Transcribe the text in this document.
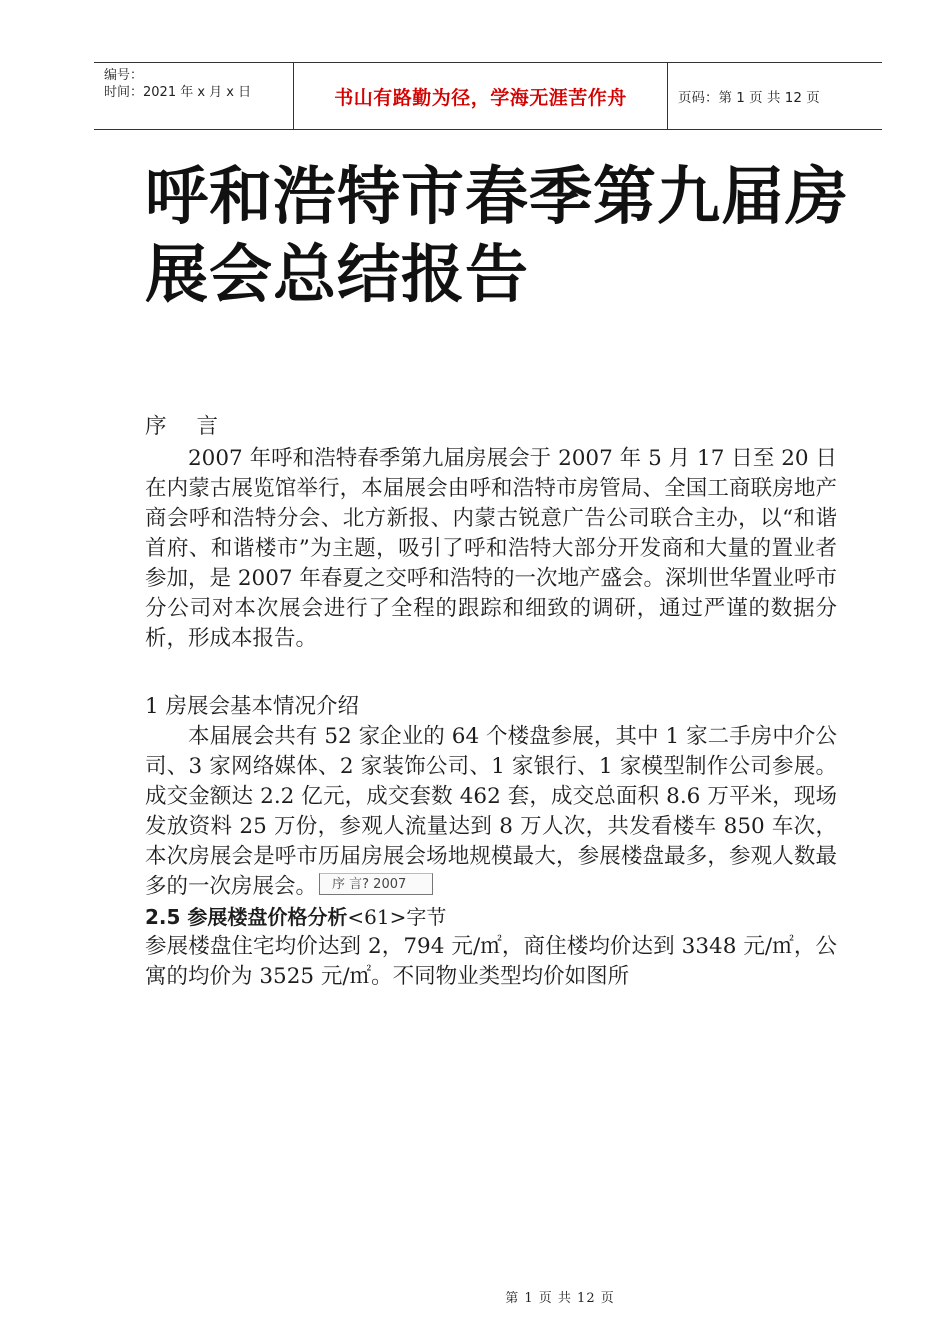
编号：
时间：2021 年 x 月 x 日	书山有路勤为径，学海无涯苦作舟	页码：第 1 页 共 12 页
呼和浩特市春季第九届房展会总结报告

序 言

2007 年呼和浩特春季第九届房展会于 2007 年 5 月 17 日至 20 日在内蒙古展览馆举行，本届展会由呼和浩特市房管局、全国工商联房地产商会呼和浩特分会、北方新报、内蒙古锐意广告公司联合主办，以“和谐首府、和谐楼市”为主题，吸引了呼和浩特大部分开发商和大量的置业者参加，是 2007 年春夏之交呼和浩特的一次地产盛会。深圳世华置业呼市分公司对本次展会进行了全程的跟踪和细致的调研，通过严谨的数据分析，形成本报告。

1 房展会基本情况介绍

本届展会共有 52 家企业的 64 个楼盘参展，其中 1 家二手房中介公司、3 家网络媒体、2 家装饰公司、1 家银行、1 家模型制作公司参展。成交金额达 2.2 亿元，成交套数 462 套，成交总面积 8.6 万平米，现场发放资料 25 万份，参观人流量达到 8 万人次，共发看楼车 850 车次，本次房展会是呼市历届房展会场地规模最大，参展楼盘最多，参观人数最多的一次房展会。 序 言? 2007

2.5 参展楼盘价格分析<61>字节

参展楼盘住宅均价达到 2，794 元/㎡，商住楼均价达到 3348 元/㎡，公寓的均价为 3525 元/㎡。不同物业类型均价如图所

第 1 页 共 12 页
